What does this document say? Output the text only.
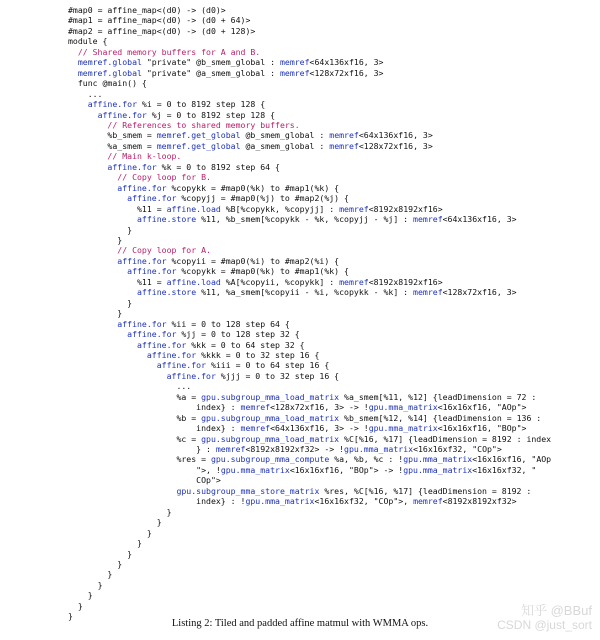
#map0 = affine_map<(d0) -> (d0)>
#map1 = affine_map<(d0) -> (d0 + 64)>
#map2 = affine_map<(d0) -> (d0 + 128)>
module {
// Shared memory buffers for A and B.
memref.global "private" @b_smem_global : memref<64x136xf16, 3>
memref.global "private" @a_smem_global : memref<128x72xf16, 3>
func @main() {
...
affine.for %i = 0 to 8192 step 128 {
affine.for %j = 0 to 8192 step 128 {
// References to shared memory buffers.
%b_smem = memref.get_global @b_smem_global : memref<64x136xf16, 3>
%a_smem = memref.get_global @a_smem_global : memref<128x72xf16, 3>
// Main k-loop.
affine.for %k = 0 to 8192 step 64 {
// Copy loop for B.
affine.for %copykk = #map0(%k) to #map1(%k) {
affine.for %copyjj = #map0(%j) to #map2(%j) {
%11 = affine.load %B[%copykk, %copyjj] : memref<8192x8192xf16>
affine.store %11, %b_smem[%copykk - %k, %copyjj - %j] : memref<64x136xf16, 3>
}
}
// Copy loop for A.
affine.for %copyii = #map0(%i) to #map2(%i) {
affine.for %copykk = #map0(%k) to #map1(%k) {
%11 = affine.load %A[%copyii, %copykk] : memref<8192x8192xf16>
affine.store %11, %a_smem[%copyii - %i, %copykk - %k] : memref<128x72xf16, 3>
}
}
affine.for %ii = 0 to 128 step 64 {
affine.for %jj = 0 to 128 step 32 {
affine.for %kk = 0 to 64 step 32 {
affine.for %kkk = 0 to 32 step 16 {
affine.for %iii = 0 to 64 step 16 {
affine.for %jjj = 0 to 32 step 16 {
...
%a = gpu.subgroup_mma_load_matrix %a_smem[%11, %12] {leadDimension = 72 :
index} : memref<128x72xf16, 3> -> !gpu.mma_matrix<16x16xf16, "AOp">
%b = gpu.subgroup_mma_load_matrix %b_smem[%12, %14] {leadDimension = 136 :
index} : memref<64x136xf16, 3> -> !gpu.mma_matrix<16x16xf16, "BOp">
%c = gpu.subgroup_mma_load_matrix %C[%16, %17] {leadDimension = 8192 : index
} : memref<8192x8192xf32> -> !gpu.mma_matrix<16x16xf32, "COp">
%res = gpu.subgroup_mma_compute %a, %b, %c : !gpu.mma_matrix<16x16xf16, "AOp
">, !gpu.mma_matrix<16x16xf16, "BOp"> -> !gpu.mma_matrix<16x16xf32, "
COp">
gpu.subgroup_mma_store_matrix %res, %C[%16, %17] {leadDimension = 8192 :
index} : !gpu.mma_matrix<16x16xf32, "COp">, memref<8192x8192xf32>
}
}
}
}
}
}
}
}
}
}
}
Listing 2: Tiled and padded affine matmul with WMMA ops.
知乎 @BBuf
CSDN @just_sort
